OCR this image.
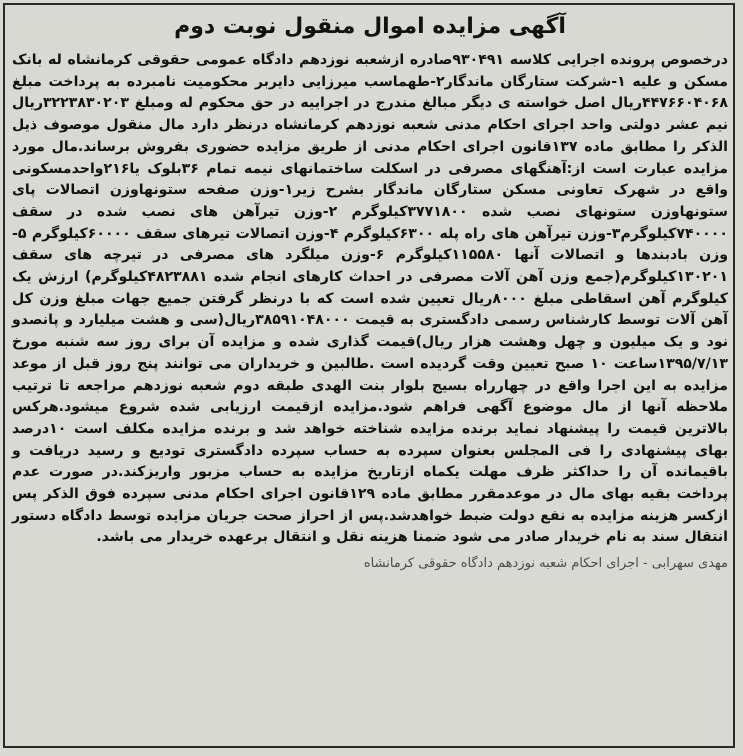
آگهی مزایده اموال منقول نوبت دوم

درخصوص پرونده اجرایی کلاسه ۹۳۰۴۹۱صادره ازشعبه نوزدهم دادگاه عمومی حقوقی کرمانشاه له بانک مسکن و علیه ۱-شرکت ستارگان ماندگار۲-طهماسب میرزایی دایربر محکومیت نامبرده به پرداخت مبلغ ۴۴۷۶۶۰۴۰۶۸ریال اصل خواسته ی دیگر مبالغ مندرج در اجراییه در حق محکوم له ومبلغ ۳۲۲۳۸۳۰۲۰۳ریال نیم عشر دولتی واحد اجرای احکام مدنی شعبه نوزدهم کرمانشاه درنظر دارد مال منقول موصوف ذیل الذکر را مطابق ماده ۱۳۷قانون اجرای احکام مدنی از طریق مزایده حضوری بفروش برساند.مال مورد مزایده عبارت است از:آهنگهای مصرفی در اسکلت ساختمانهای نیمه تمام ۳۶بلوک یا۲۱۶واحدمسکونی واقع در شهرک تعاونی مسکن ستارگان ماندگار بشرح زیر۱-وزن صفحه ستونهاوزن اتصالات پای ستونهاوزن ستونهای نصب شده ۳۷۷۱۸۰۰کیلوگرم ۲-وزن تیرآهن های نصب شده در سقف ۷۴۰۰۰۰کیلوگرم۳-وزن تیرآهن های راه پله ۶۳۰۰کیلوگرم ۴-وزن اتصالات تیرهای سقف ۶۰۰۰۰کیلوگرم ۵- وزن بادبندها و اتصالات آنها ۱۱۵۵۸۰کیلوگرم ۶-وزن میلگرد های مصرفی در تیرچه های سقف ۱۳۰۲۰۱کیلوگرم(جمع وزن آهن آلات مصرفی در احداث کارهای انجام شده ۴۸۲۳۸۸۱کیلوگرم) ارزش یک کیلوگرم آهن اسقاطی مبلغ ۸۰۰۰ریال تعیین شده است که با درنظر گرفتن جمیع جهات مبلغ وزن کل آهن آلات توسط کارشناس رسمی دادگستری به قیمت ۳۸۵۹۱۰۴۸۰۰۰ریال(سی و هشت میلیارد و پانصدو نود و یک میلیون و چهل وهشت هزار ریال)قیمت گذاری شده و مزایده آن برای روز سه شنبه مورخ ۱۳۹۵/۷/۱۳ساعت ۱۰ صبح تعیین وقت گردیده است .طالبین و خریداران می توانند پنج روز قبل از موعد مزایده به این اجرا واقع در چهارراه بسیج بلوار بنت الهدی طبقه دوم شعبه نوزدهم مراجعه تا ترتیب ملاحظه آنها از مال موضوع آگهی فراهم شود.مزایده ازقیمت ارزیابی شده شروع میشود.هرکس بالاترین قیمت را پیشنهاد نماید برنده مزایده شناخته خواهد شد و برنده مزایده مکلف است ۱۰درصد بهای پیشنهادی را فی المجلس بعنوان سپرده به حساب سپرده دادگستری تودیع و رسید دریافت و باقیمانده آن را حداکثر ظرف مهلت یکماه ازتاریخ مزایده به حساب مزبور واریزکند.در صورت عدم پرداخت بقیه بهای مال در موعدمقرر مطابق ماده ۱۲۹قانون اجرای احکام مدنی سپرده فوق الذکر پس ازکسر هزینه مزایده به نفع دولت ضبط خواهدشد.پس از احراز صحت جریان مزایده توسط دادگاه دستور انتقال سند به نام خریدار صادر می شود ضمنا هزینه نقل و انتقال برعهده خریدار می باشد.

مهدی سهرابی - اجرای احکام شعبه نوزدهم دادگاه حقوقی کرمانشاه
